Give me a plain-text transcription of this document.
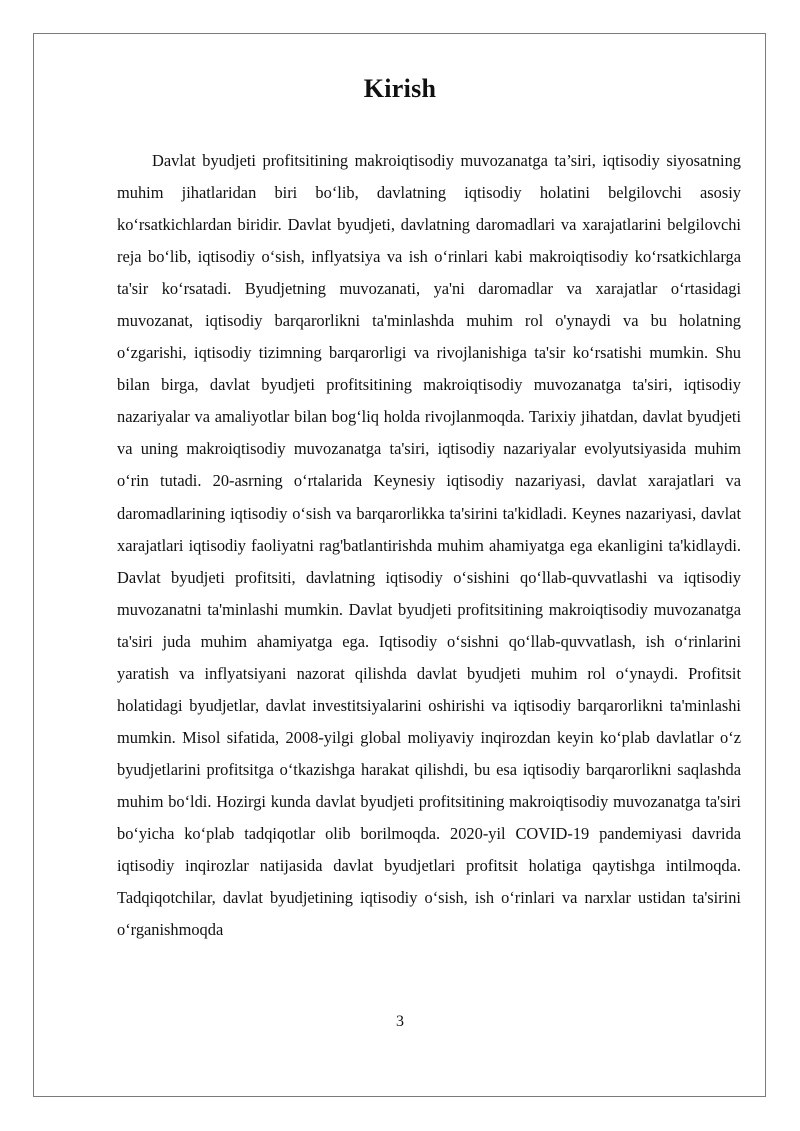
Kirish

Davlat byudjeti profitsitining makroiqtisodiy muvozanatga ta’siri, iqtisodiy siyosatning muhim jihatlaridan biri bo‘lib, davlatning iqtisodiy holatini belgilovchi asosiy ko‘rsatkichlardan biridir. Davlat byudjeti, davlatning daromadlari va xarajatlarini belgilovchi reja bo‘lib, iqtisodiy o‘sish, inflyatsiya va ish o‘rinlari kabi makroiqtisodiy ko‘rsatkichlarga ta'sir ko‘rsatadi. Byudjetning muvozanati, ya'ni daromadlar va xarajatlar o‘rtasidagi muvozanat, iqtisodiy barqarorlikni ta'minlashda muhim rol o'ynaydi va bu holatning o‘zgarishi, iqtisodiy tizimning barqarorligi va rivojlanishiga ta'sir ko‘rsatishi mumkin. Shu bilan birga, davlat byudjeti profitsitining makroiqtisodiy muvozanatga ta'siri, iqtisodiy nazariyalar va amaliyotlar bilan bog‘liq holda rivojlanmoqda. Tarixiy jihatdan, davlat byudjeti va uning makroiqtisodiy muvozanatga ta'siri, iqtisodiy nazariyalar evolyutsiyasida muhim o‘rin tutadi. 20-asrning o‘rtalarida Keynesiy iqtisodiy nazariyasi, davlat xarajatlari va daromadlarining iqtisodiy o‘sish va barqarorlikka ta'sirini ta'kidladi. Keynes nazariyasi, davlat xarajatlari iqtisodiy faoliyatni rag'batlantirishda muhim ahamiyatga ega ekanligini ta'kidlaydi. Davlat byudjeti profitsiti, davlatning iqtisodiy o‘sishini qo‘llab-quvvatlashi va iqtisodiy muvozanatni ta'minlashi mumkin. Davlat byudjeti profitsitining makroiqtisodiy muvozanatga ta'siri juda muhim ahamiyatga ega. Iqtisodiy o‘sishni qo‘llab-quvvatlash, ish o‘rinlarini yaratish va inflyatsiyani nazorat qilishda davlat byudjeti muhim rol o‘ynaydi. Profitsit holatidagi byudjetlar, davlat investitsiyalarini oshirishi va iqtisodiy barqarorlikni ta'minlashi mumkin. Misol sifatida, 2008-yilgi global moliyaviy inqirozdan keyin ko‘plab davlatlar o‘z byudjetlarini profitsitga o‘tkazishga harakat qilishdi, bu esa iqtisodiy barqarorlikni saqlashda muhim bo‘ldi. Hozirgi kunda davlat byudjeti profitsitining makroiqtisodiy muvozanatga ta'siri bo‘yicha ko‘plab tadqiqotlar olib borilmoqda. 2020-yil COVID-19 pandemiyasi davrida iqtisodiy inqirozlar natijasida davlat byudjetlari profitsit holatiga qaytishga intilmoqda. Tadqiqotchilar, davlat byudjetining iqtisodiy o‘sish, ish o‘rinlari va narxlar ustidan ta'sirini o‘rganishmoqda

3
